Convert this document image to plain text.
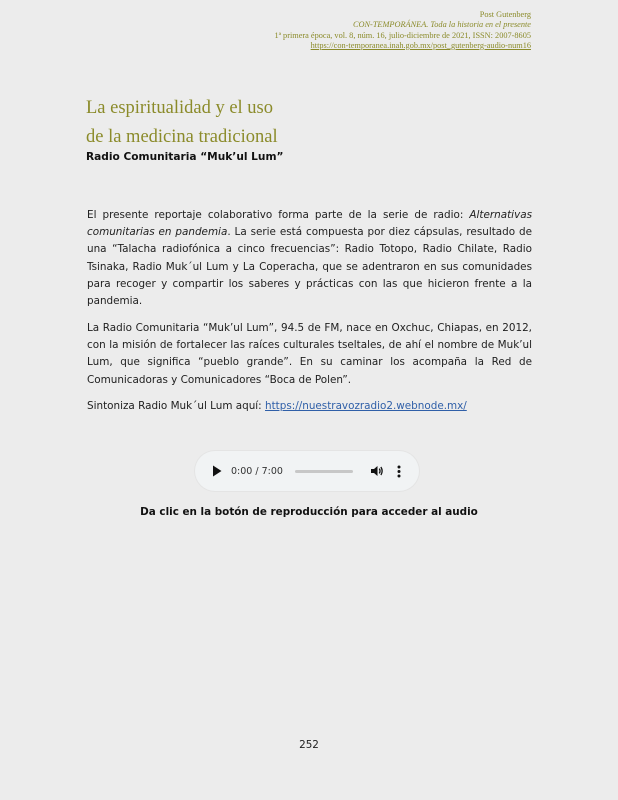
Post Gutenberg
CON-TEMPORÁNEA. Toda la historia en el presente
1ª primera época, vol. 8, núm. 16, julio-diciembre de 2021, ISSN: 2007-8605
https://con-temporanea.inah.gob.mx/post_gutenberg-audio-num16
La espiritualidad y el uso
de la medicina tradicional
Radio Comunitaria “Muk’ul Lum”

El presente reportaje colaborativo forma parte de la serie de radio: Alternativas comunitarias en pandemia. La serie está compuesta por diez cápsulas, resultado de una “Talacha radiofónica a cinco frecuencias”: Radio Totopo, Radio Chilate, Radio Tsinaka, Radio Muk´ul Lum y La Coperacha, que se adentraron en sus comunidades para recoger y compartir los saberes y prácticas con las que hicieron frente a la pandemia.

La Radio Comunitaria “Muk’ul Lum”, 94.5 de FM, nace en Oxchuc, Chiapas, en 2012, con la misión de fortalecer las raíces culturales tseltales, de ahí el nombre de Muk’ul Lum, que significa “pueblo grande”. En su caminar los acompaña la Red de Comunicadoras y Comunicadores “Boca de Polen”.

Sintoniza Radio Muk´ul Lum aquí: https://nuestravozradio2.webnode.mx/

0:00 / 7:00
Da clic en la botón de reproducción para acceder al audio
252
